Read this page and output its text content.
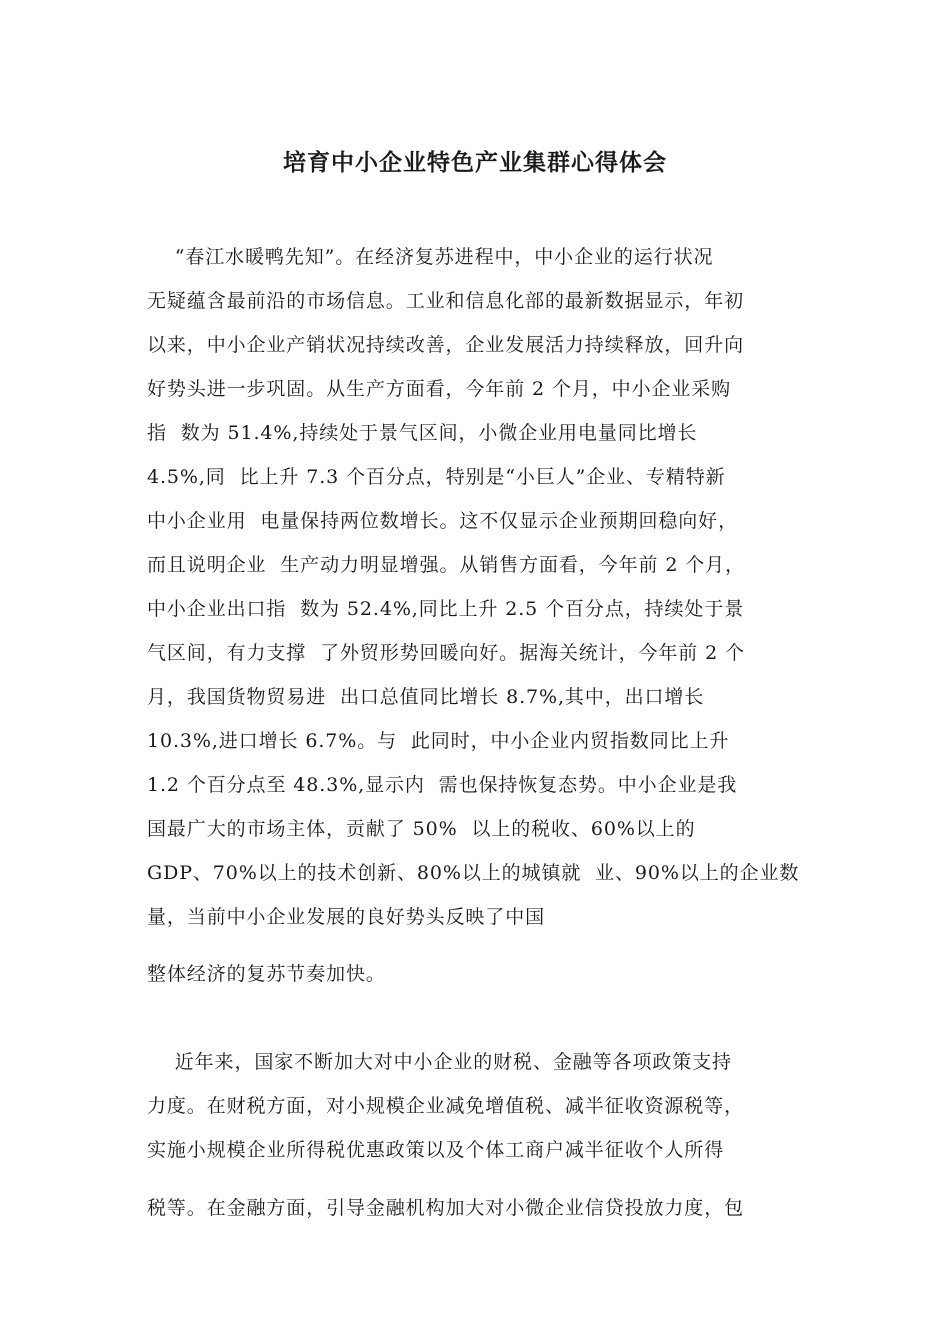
培育中小企业特色产业集群心得体会
“春江水暖鸭先知”。在经济复苏进程中，中小企业的运行状况
无疑蕴含最前沿的市场信息。工业和信息化部的最新数据显示，年初
以来，中小企业产销状况持续改善，企业发展活力持续释放，回升向
好势头进一步巩固。从生产方面看，今年前 2 个月，中小企业采购
指  数为 51.4%,持续处于景气区间，小微企业用电量同比增长
4.5%,同  比上升 7.3 个百分点，特别是“小巨人”企业、专精特新
中小企业用  电量保持两位数增长。这不仅显示企业预期回稳向好，
而且说明企业  生产动力明显增强。从销售方面看，今年前 2 个月，
中小企业出口指  数为 52.4%,同比上升 2.5 个百分点，持续处于景
气区间，有力支撑  了外贸形势回暖向好。据海关统计，今年前 2 个
月，我国货物贸易进  出口总值同比增长 8.7%,其中，出口增长
10.3%,进口增长 6.7%。与  此同时，中小企业内贸指数同比上升
1.2 个百分点至 48.3%,显示内  需也保持恢复态势。中小企业是我
国最广大的市场主体，贡献了 50%  以上的税收、60%以上的
GDP、70%以上的技术创新、80%以上的城镇就  业、90%以上的企业数
量，当前中小企业发展的良好势头反映了中国
整体经济的复苏节奏加快。
近年来，国家不断加大对中小企业的财税、金融等各项政策支持
力度。在财税方面，对小规模企业减免增值税、减半征收资源税等，
实施小规模企业所得税优惠政策以及个体工商户减半征收个人所得
税等。在金融方面，引导金融机构加大对小微企业信贷投放力度，包
